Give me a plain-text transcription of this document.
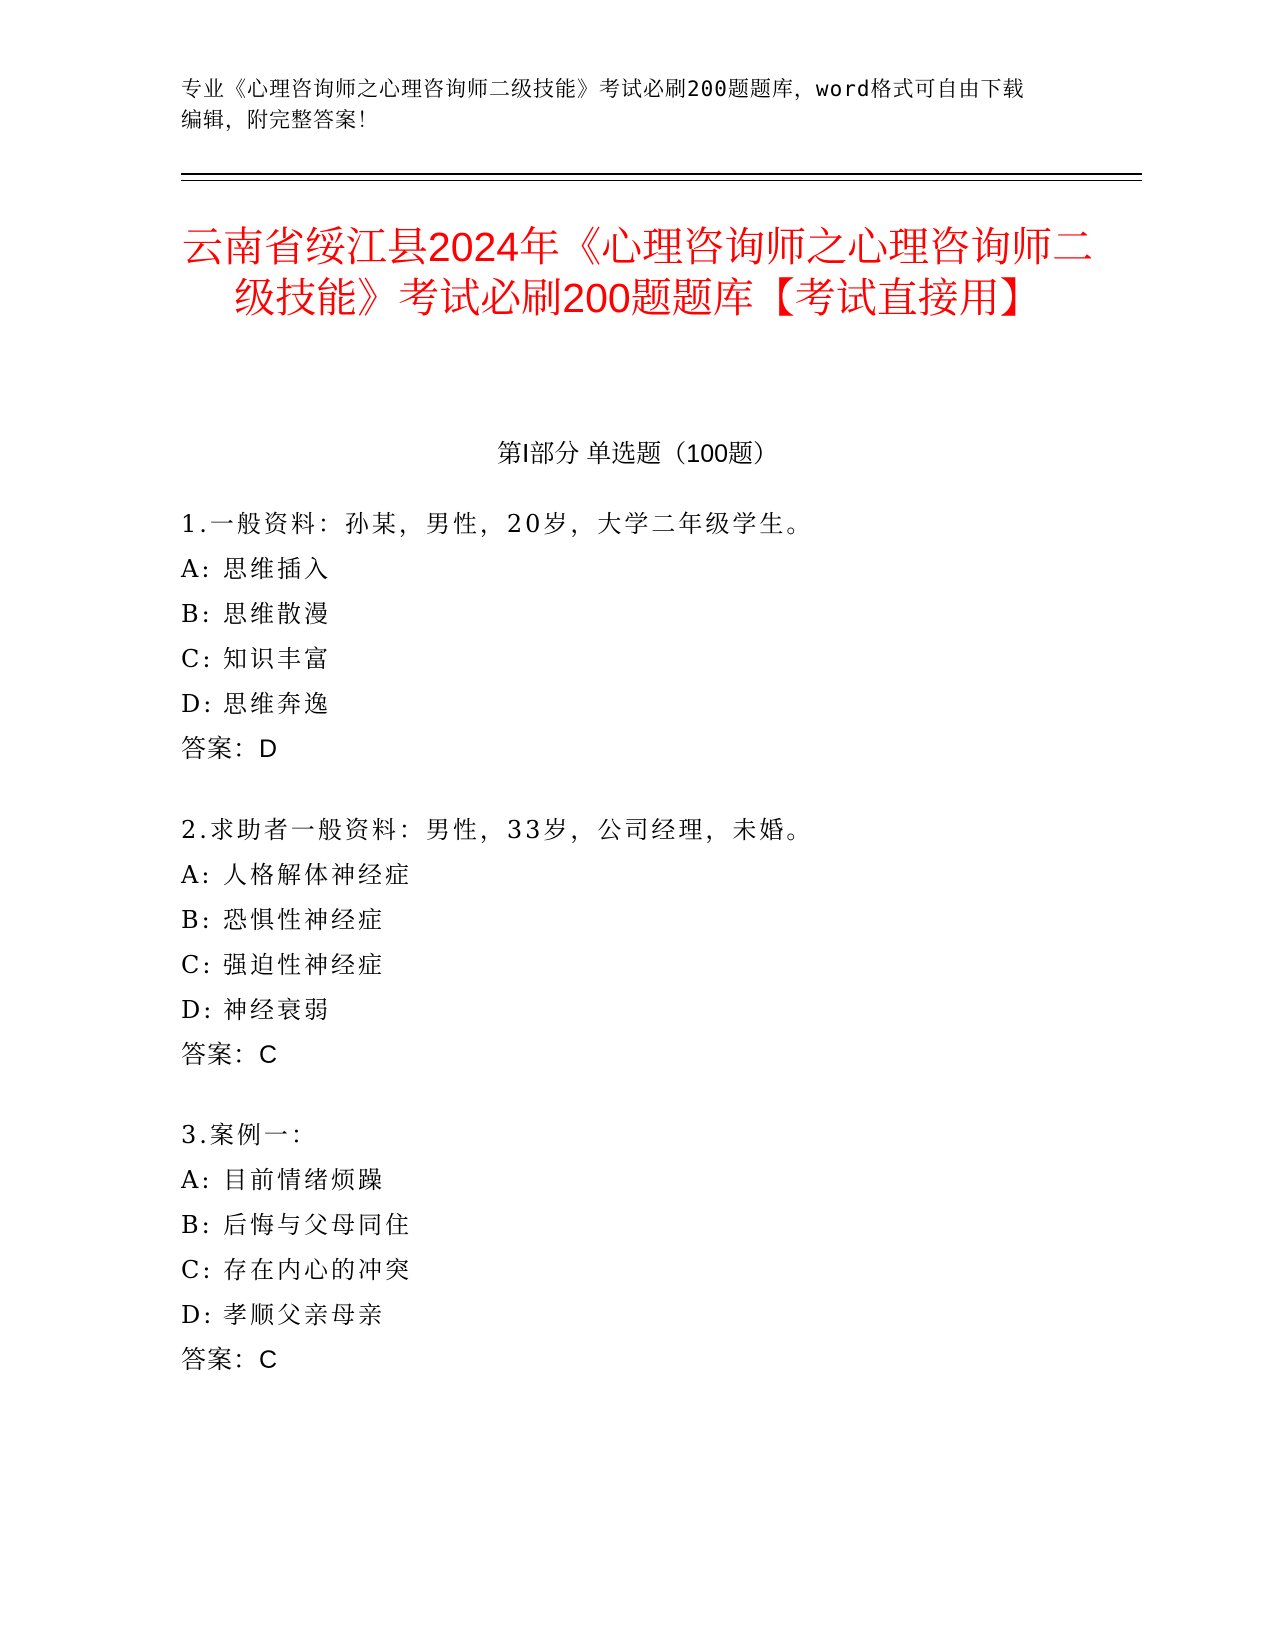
专业《心理咨询师之心理咨询师二级技能》考试必刷200题题库，word格式可自由下载编辑，附完整答案！
云南省绥江县2024年《心理咨询师之心理咨询师二级技能》考试必刷200题题库【考试直接用】
第Ⅰ部分 单选题（100题）
1.一般资料：孙某，男性，20岁，大学二年级学生。
A: 思维插入
B: 思维散漫
C: 知识丰富
D: 思维奔逸
答案：D
2.求助者一般资料：男性，33岁，公司经理，未婚。
A: 人格解体神经症
B: 恐惧性神经症
C: 强迫性神经症
D: 神经衰弱
答案：C
3.案例一：
A: 目前情绪烦躁
B: 后悔与父母同住
C: 存在内心的冲突
D: 孝顺父亲母亲
答案：C
